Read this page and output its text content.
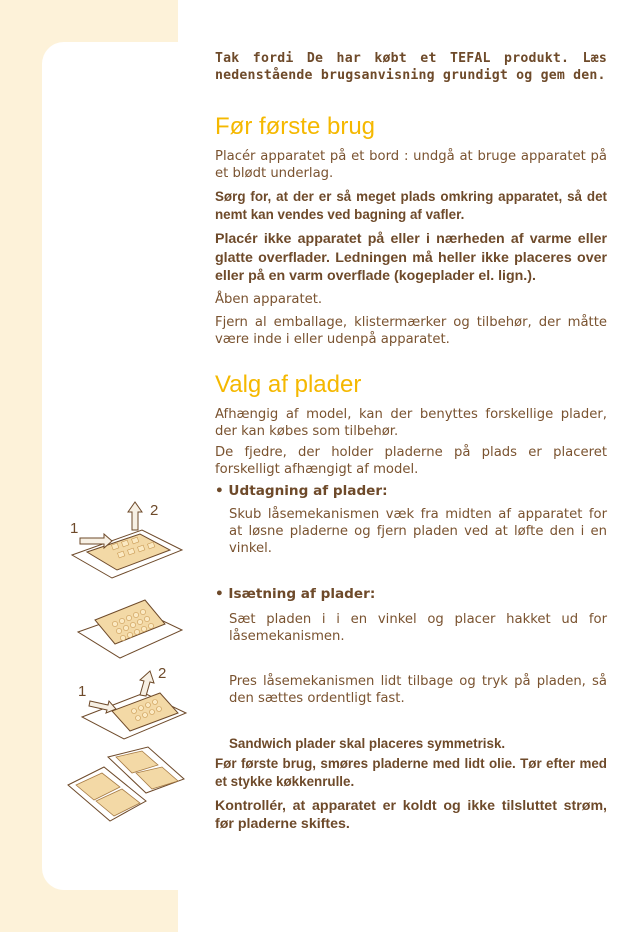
1
2
1
2

Tak fordi De har købt et TEFAL produkt. Læs nedenstående brugsanvisning grundigt og gem den.

Før første brug

Placér apparatet på et bord : undgå at bruge apparatet på et blødt underlag.

Sørg for, at der er så meget plads omkring apparatet, så det nemt kan vendes ved bagning af vafler.

Placér ikke apparatet på eller i nærheden af varme eller glatte overflader. Ledningen må heller ikke placeres over eller på en varm overflade (kogeplader el. lign.).

Åben apparatet.

Fjern al emballage, klistermærker og tilbehør, der måtte være inde i eller udenpå apparatet.

Valg af plader

Afhængig af model, kan der benyttes forskellige plader, der kan købes som tilbehør.

De fjedre, der holder pladerne på plads er placeret forskelligt afhængigt af model.

• Udtagning af plader:

Skub låsemekanismen væk fra midten af apparatet for at løsne pladerne og fjern pladen ved at løfte den i en vinkel.

• Isætning af plader:

Sæt pladen i i en vinkel og placer hakket ud for låsemekanismen.

Pres låsemekanismen lidt tilbage og tryk på pladen, så den sættes ordentligt fast.

Sandwich plader skal placeres symmetrisk.

Før første brug, smøres pladerne med lidt olie. Tør efter med et stykke køkkenrulle.

Kontrollér, at apparatet er koldt og ikke tilsluttet strøm, før pladerne skiftes.
